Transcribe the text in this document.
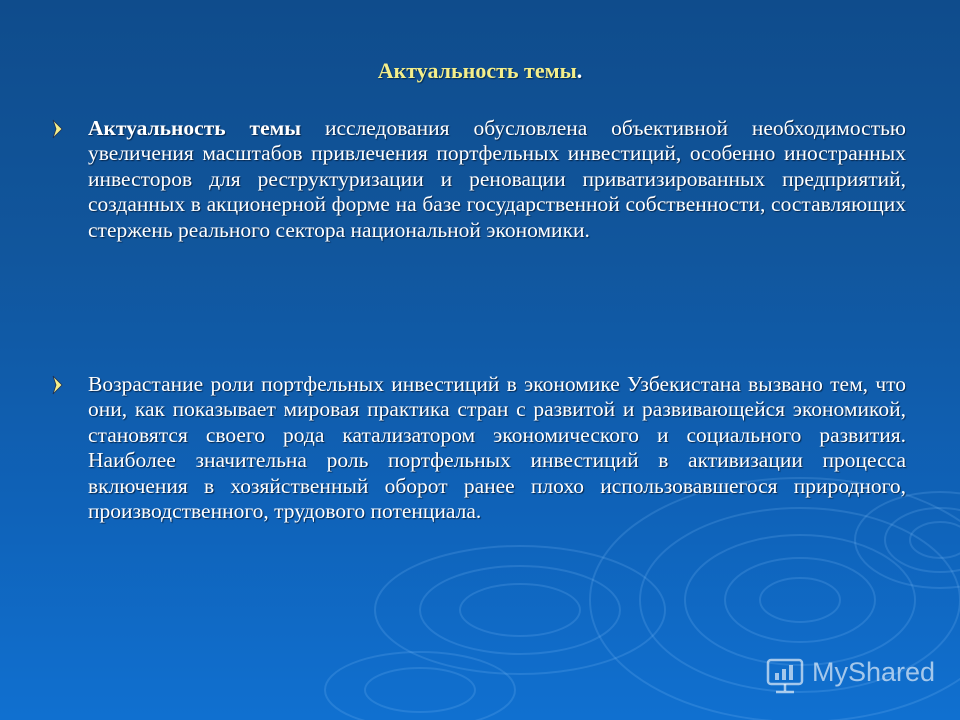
Актуальность темы.
Актуальность темы исследования обусловлена объективной необходимостью увеличения масштабов привлечения портфельных инвестиций, особенно иностранных инвесторов для реструктуризации и реновации приватизированных предприятий, созданных в акционерной форме на базе государственной собственности, составляющих стержень реального сектора национальной экономики.
Возрастание роли портфельных инвестиций в экономике Узбекистана вызвано тем, что они, как показывает мировая практика стран с развитой и развивающейся экономикой, становятся своего рода катализатором экономического и социального развития. Наиболее значительна роль портфельных инвестиций в активизации процесса включения в хозяйственный оборот ранее плохо использовавшегося природного, производственного, трудового потенциала.
MyShared
